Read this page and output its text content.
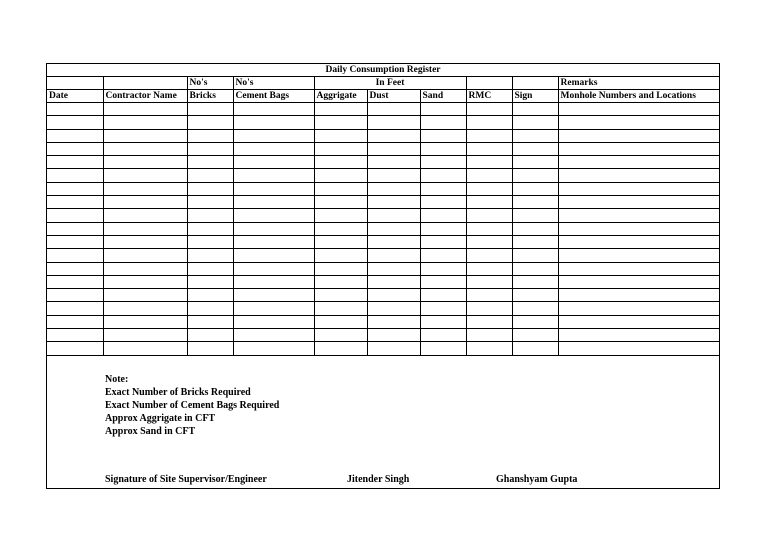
Daily Consumption Register									
		No's	No's	In Feet					Remarks
Date	Contractor Name	Bricks	Cement Bags	Aggrigate	Dust	Sand	RMC	Sign	Monhole Numbers and Locations

Note:
Exact Number of Bricks Required
Exact Number of Cement Bags Required
Approx Aggrigate in CFT
Approx Sand in CFT
Signature of Site Supervisor/Engineer	Jitender Singh	Ghanshyam Gupta
